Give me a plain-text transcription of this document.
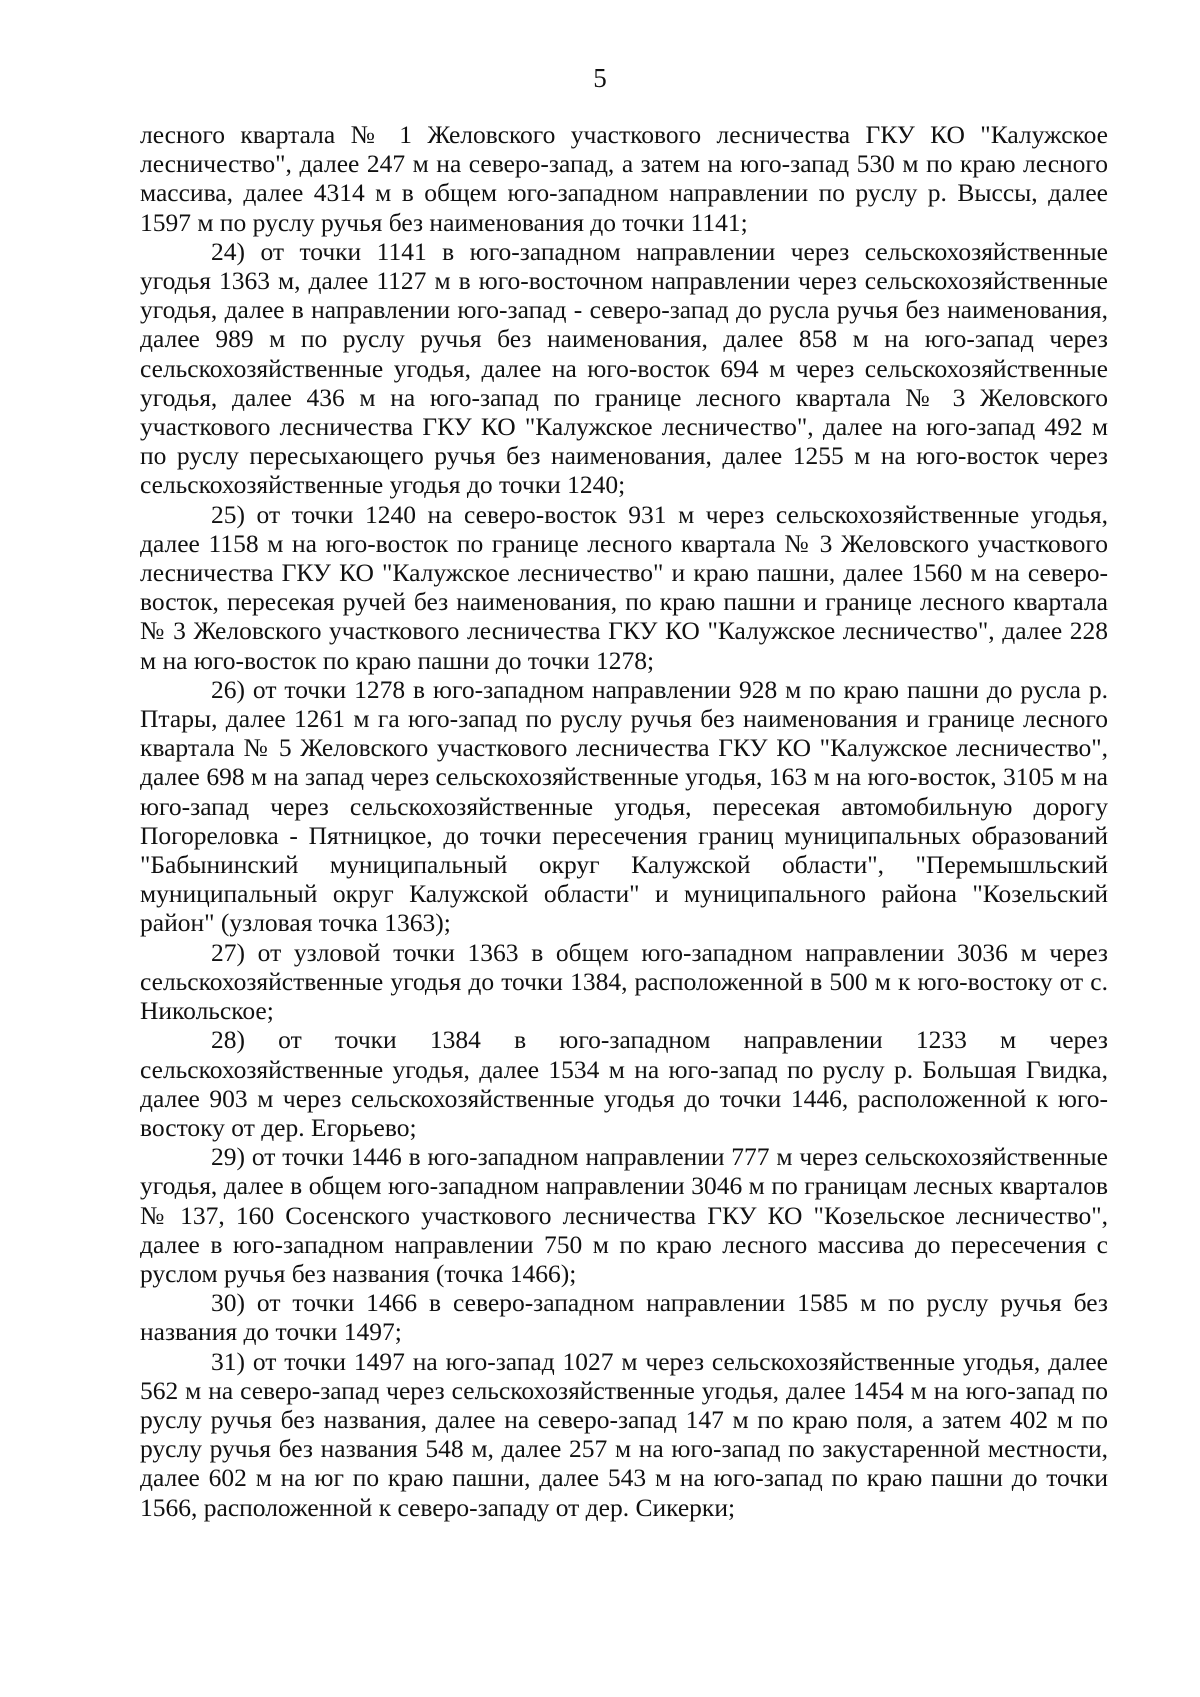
5

лесного квартала № 1 Желовского участкового лесничества ГКУ КО "Калужское лесничество", далее 247 м на северо-запад, а затем на юго-запад 530 м по краю лесного массива, далее 4314 м в общем юго-западном направлении по руслу р. Выссы, далее 1597 м по руслу ручья без наименования до точки 1141;

24) от точки 1141 в юго-западном направлении через сельскохозяйственные угодья 1363 м, далее 1127 м в юго-восточном направлении через сельскохозяйственные угодья, далее в направлении юго-запад - северо-запад до русла ручья без наименования, далее 989 м по руслу ручья без наименования, далее 858 м на юго-запад через сельскохозяйственные угодья, далее на юго-восток 694 м через сельскохозяйственные угодья, далее 436 м на юго-запад по границе лесного квартала № 3 Желовского участкового лесничества ГКУ КО "Калужское лесничество", далее на юго-запад 492 м по руслу пересыхающего ручья без наименования, далее 1255 м на юго-восток через сельскохозяйственные угодья до точки 1240;

25) от точки 1240 на северо-восток 931 м через сельскохозяйственные угодья, далее 1158 м на юго-восток по границе лесного квартала № 3 Желовского участкового лесничества ГКУ КО "Калужское лесничество" и краю пашни, далее 1560 м на северо-восток, пересекая ручей без наименования, по краю пашни и границе лесного квартала № 3 Желовского участкового лесничества ГКУ КО "Калужское лесничество", далее 228 м на юго-восток по краю пашни до точки 1278;

26) от точки 1278 в юго-западном направлении 928 м по краю пашни до русла р. Птары, далее 1261 м га юго-запад по руслу ручья без наименования и границе лесного квартала № 5 Желовского участкового лесничества ГКУ КО "Калужское лесничество", далее 698 м на запад через сельскохозяйственные угодья, 163 м на юго-восток, 3105 м на юго-запад через сельскохозяйственные угодья, пересекая автомобильную дорогу Погореловка - Пятницкое, до точки пересечения границ муниципальных образований "Бабынинский муниципальный округ Калужской области", "Перемышльский муниципальный округ Калужской области" и муниципального района "Козельский район" (узловая точка 1363);

27) от узловой точки 1363 в общем юго-западном направлении 3036 м через сельскохозяйственные угодья до точки 1384, расположенной в 500 м к юго-востоку от с. Никольское;

28) от точки 1384 в юго-западном направлении 1233 м через сельскохозяйственные угодья, далее 1534 м на юго-запад по руслу р. Большая Гвидка, далее 903 м через сельскохозяйственные угодья до точки 1446, расположенной к юго-востоку от дер. Егорьево;

29) от точки 1446 в юго-западном направлении 777 м через сельскохозяйственные угодья, далее в общем юго-западном направлении 3046 м по границам лесных кварталов № 137, 160 Сосенского участкового лесничества ГКУ КО "Козельское лесничество", далее в юго-западном направлении 750 м по краю лесного массива до пересечения с руслом ручья без названия (точка 1466);

30) от точки 1466 в северо-западном направлении 1585 м по руслу ручья без названия до точки 1497;

31) от точки 1497 на юго-запад 1027 м через сельскохозяйственные угодья, далее 562 м на северо-запад через сельскохозяйственные угодья, далее 1454 м на юго-запад по руслу ручья без названия, далее на северо-запад 147 м по краю поля, а затем 402 м по руслу ручья без названия 548 м, далее 257 м на юго-запад по закустаренной местности, далее 602 м на юг по краю пашни, далее 543 м на юго-запад по краю пашни до точки 1566, расположенной к северо-западу от дер. Сикерки;
